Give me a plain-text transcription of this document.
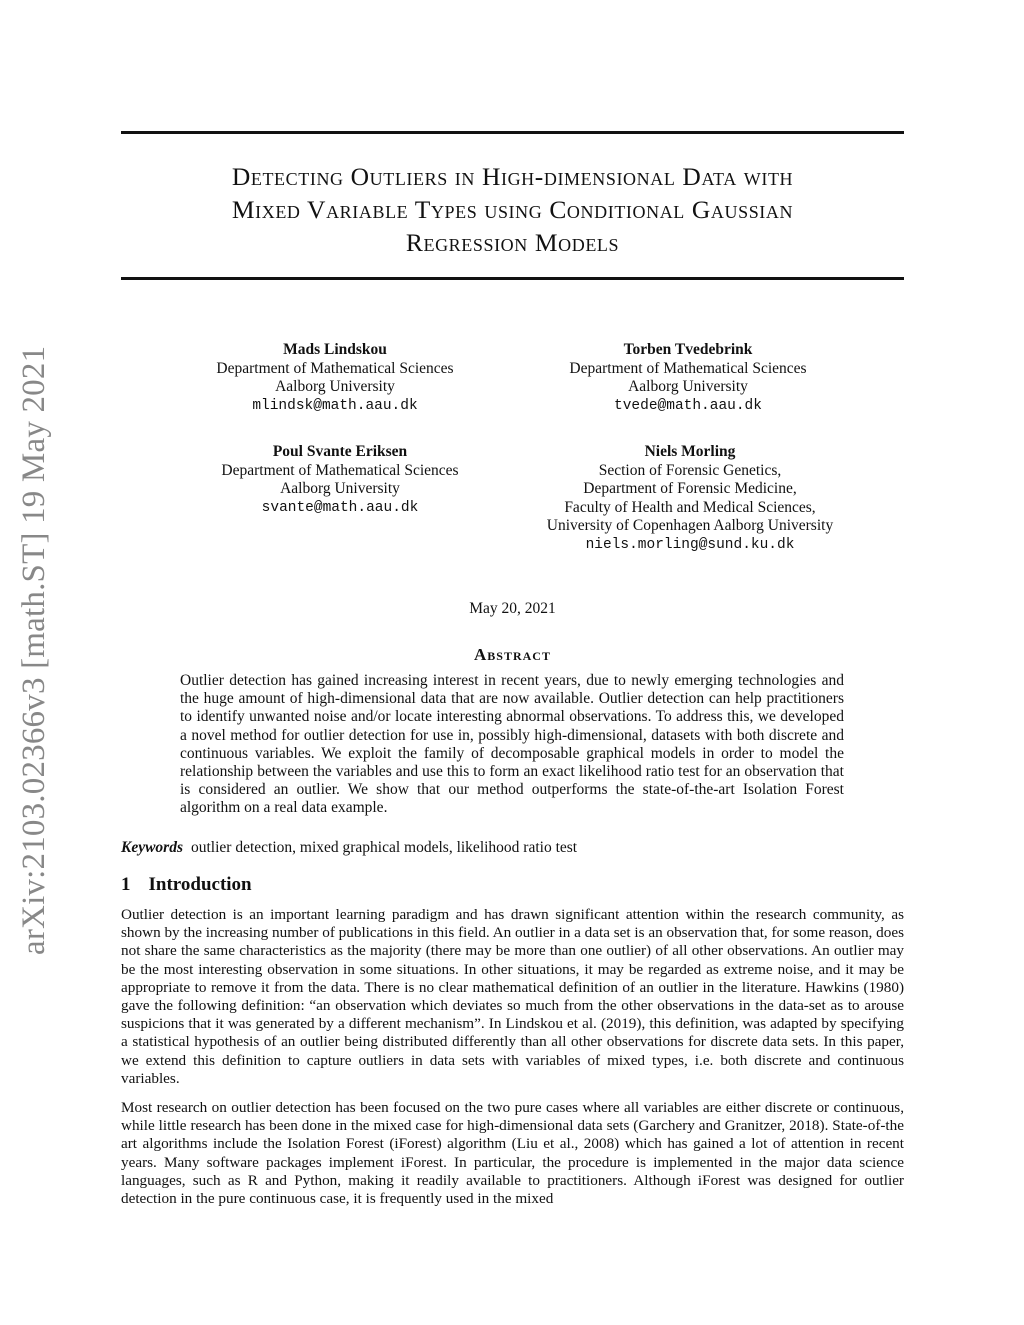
arXiv:2103.02366v3 [math.ST] 19 May 2021
Detecting Outliers in High-dimensional Data with
Mixed Variable Types using Conditional Gaussian
Regression Models
Mads Lindskou
Department of Mathematical Sciences
Aalborg University
mlindsk@math.aau.dk
Torben Tvedebrink
Department of Mathematical Sciences
Aalborg University
tvede@math.aau.dk
Poul Svante Eriksen
Department of Mathematical Sciences
Aalborg University
svante@math.aau.dk
Niels Morling
Section of Forensic Genetics,
Department of Forensic Medicine,
Faculty of Health and Medical Sciences,
University of Copenhagen Aalborg University
niels.morling@sund.ku.dk
May 20, 2021
Abstract
Outlier detection has gained increasing interest in recent years, due to newly emerging technologies and the huge amount of high-dimensional data that are now available. Outlier detection can help practitioners to identify unwanted noise and/or locate interesting abnormal observations. To address this, we developed a novel method for outlier detection for use in, possibly high-dimensional, datasets with both discrete and continuous variables. We exploit the family of decomposable graphical models in order to model the relationship between the variables and use this to form an exact likelihood ratio test for an observation that is considered an outlier. We show that our method outperforms the state-of-the-art Isolation Forest algorithm on a real data example.
Keywords outlier detection, mixed graphical models, likelihood ratio test
1 Introduction

Outlier detection is an important learning paradigm and has drawn significant attention within the research community, as shown by the increasing number of publications in this field. An outlier in a data set is an observation that, for some reason, does not share the same characteristics as the majority (there may be more than one outlier) of all other observations. An outlier may be the most interesting observation in some situations. In other situations, it may be regarded as extreme noise, and it may be appropriate to remove it from the data. There is no clear mathematical definition of an outlier in the literature. Hawkins (1980) gave the following definition: “an observation which deviates so much from the other observations in the data-set as to arouse suspicions that it was generated by a different mechanism”. In Lindskou et al. (2019), this definition, was adapted by specifying a statistical hypothesis of an outlier being distributed differently than all other observations for discrete data sets. In this paper, we extend this definition to capture outliers in data sets with variables of mixed types, i.e. both discrete and continuous variables.

Most research on outlier detection has been focused on the two pure cases where all variables are either discrete or continuous, while little research has been done in the mixed case for high-dimensional data sets (Garchery and Granitzer, 2018). State-of-the art algorithms include the Isolation Forest (iForest) algorithm (Liu et al., 2008) which has gained a lot of attention in recent years. Many software packages implement iForest. In particular, the procedure is implemented in the major data science languages, such as R and Python, making it readily available to practitioners. Although iForest was designed for outlier detection in the pure continuous case, it is frequently used in the mixed
